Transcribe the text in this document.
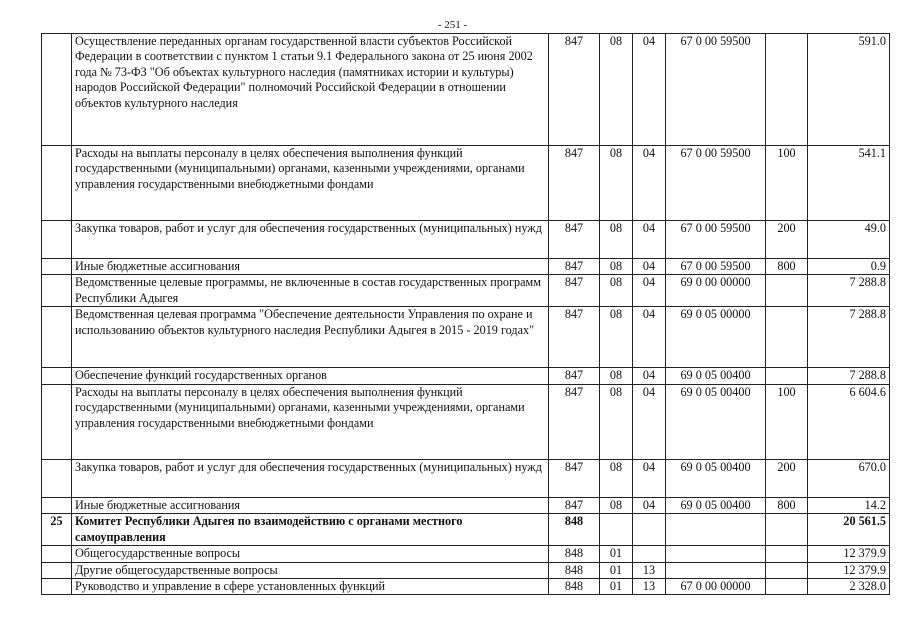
- 251 -
	Осуществление переданных органам государственной власти субъектов Российской Федерации в соответствии с пунктом 1 статьи 9.1 Федерального закона от 25 июня 2002 года № 73-ФЗ "Об объектах культурного наследия (памятниках истории и культуры) народов Российской Федерации" полномочий Российской Федерации в отношении объектов культурного наследия	847	08	04	67 0 00 59500		591.0
	Расходы на выплаты персоналу в целях обеспечения выполнения функций государственными (муниципальными) органами, казенными учреждениями, органами управления государственными внебюджетными фондами	847	08	04	67 0 00 59500	100	541.1
	Закупка товаров, работ и услуг для обеспечения государственных (муниципальных) нужд	847	08	04	67 0 00 59500	200	49.0
	Иные бюджетные ассигнования	847	08	04	67 0 00 59500	800	0.9
	Ведомственные целевые программы, не включенные в состав государственных программ Республики Адыгея	847	08	04	69 0 00 00000		7 288.8
	Ведомственная целевая программа "Обеспечение деятельности Управления по охране и использованию объектов культурного наследия Республики Адыгея в 2015 - 2019 годах"	847	08	04	69 0 05 00000		7 288.8
	Обеспечение функций государственных органов	847	08	04	69 0 05 00400		7 288.8
	Расходы на выплаты персоналу в целях обеспечения выполнения функций государственными (муниципальными) органами, казенными учреждениями, органами управления государственными внебюджетными фондами	847	08	04	69 0 05 00400	100	6 604.6
	Закупка товаров, работ и услуг для обеспечения государственных (муниципальных) нужд	847	08	04	69 0 05 00400	200	670.0
	Иные бюджетные ассигнования	847	08	04	69 0 05 00400	800	14.2
25	Комитет Республики Адыгея по взаимодействию с органами местного самоуправления	848					20 561.5
	Общегосударственные вопросы	848	01				12 379.9
	Другие общегосударственные вопросы	848	01	13			12 379.9
	Руководство и управление в сфере установленных функций	848	01	13	67 0 00 00000		2 328.0
